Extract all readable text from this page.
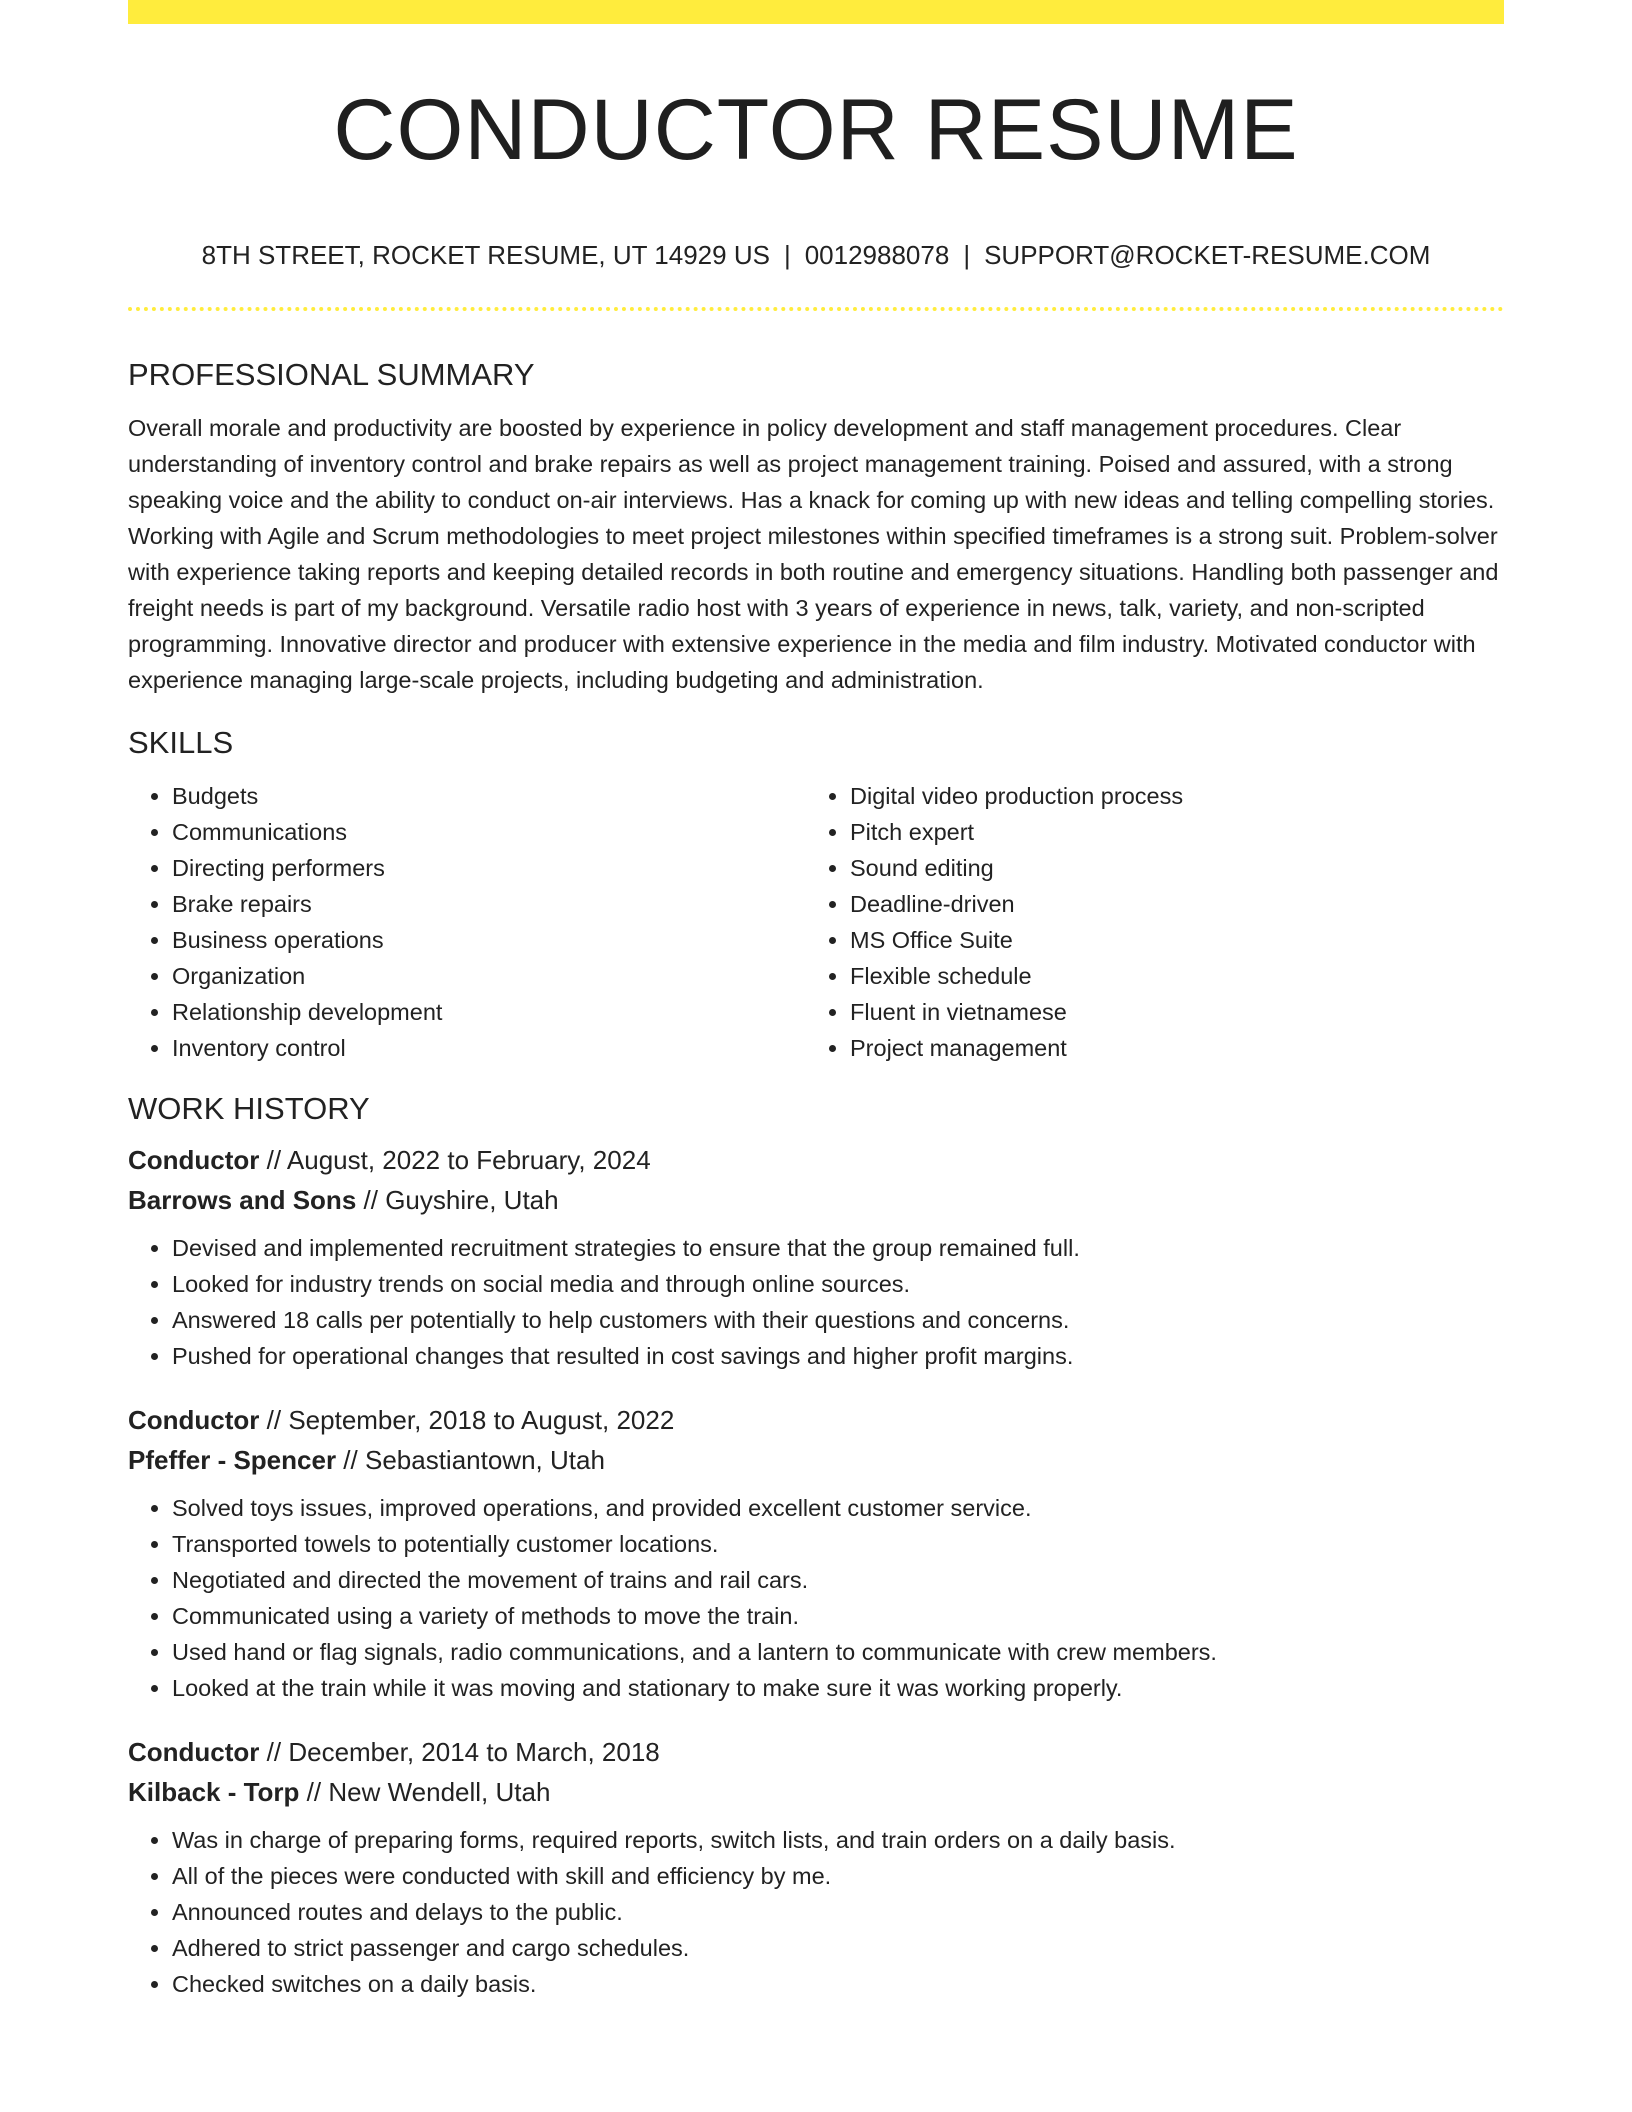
CONDUCTOR RESUME
8TH STREET, ROCKET RESUME, UT 14929 US | 0012988078 | SUPPORT@ROCKET-RESUME.COM
PROFESSIONAL SUMMARY

Overall morale and productivity are boosted by experience in policy development and staff management procedures. Clear understanding of inventory control and brake repairs as well as project management training. Poised and assured, with a strong speaking voice and the ability to conduct on-air interviews. Has a knack for coming up with new ideas and telling compelling stories. Working with Agile and Scrum methodologies to meet project milestones within specified timeframes is a strong suit. Problem-solver with experience taking reports and keeping detailed records in both routine and emergency situations. Handling both passenger and freight needs is part of my background. Versatile radio host with 3 years of experience in news, talk, variety, and non-scripted programming. Innovative director and producer with extensive experience in the media and film industry. Motivated conductor with experience managing large-scale projects, including budgeting and administration.

SKILLS
• Budgets
• Communications
• Directing performers
• Brake repairs
• Business operations
• Organization
• Relationship development
• Inventory control
• Digital video production process
• Pitch expert
• Sound editing
• Deadline-driven
• MS Office Suite
• Flexible schedule
• Fluent in vietnamese
• Project management
WORK HISTORY
Conductor // August, 2022 to February, 2024
Barrows and Sons // Guyshire, Utah
• Devised and implemented recruitment strategies to ensure that the group remained full.
• Looked for industry trends on social media and through online sources.
• Answered 18 calls per potentially to help customers with their questions and concerns.
• Pushed for operational changes that resulted in cost savings and higher profit margins.
Conductor // September, 2018 to August, 2022
Pfeffer - Spencer // Sebastiantown, Utah
• Solved toys issues, improved operations, and provided excellent customer service.
• Transported towels to potentially customer locations.
• Negotiated and directed the movement of trains and rail cars.
• Communicated using a variety of methods to move the train.
• Used hand or flag signals, radio communications, and a lantern to communicate with crew members.
• Looked at the train while it was moving and stationary to make sure it was working properly.
Conductor // December, 2014 to March, 2018
Kilback - Torp // New Wendell, Utah
• Was in charge of preparing forms, required reports, switch lists, and train orders on a daily basis.
• All of the pieces were conducted with skill and efficiency by me.
• Announced routes and delays to the public.
• Adhered to strict passenger and cargo schedules.
• Checked switches on a daily basis.
